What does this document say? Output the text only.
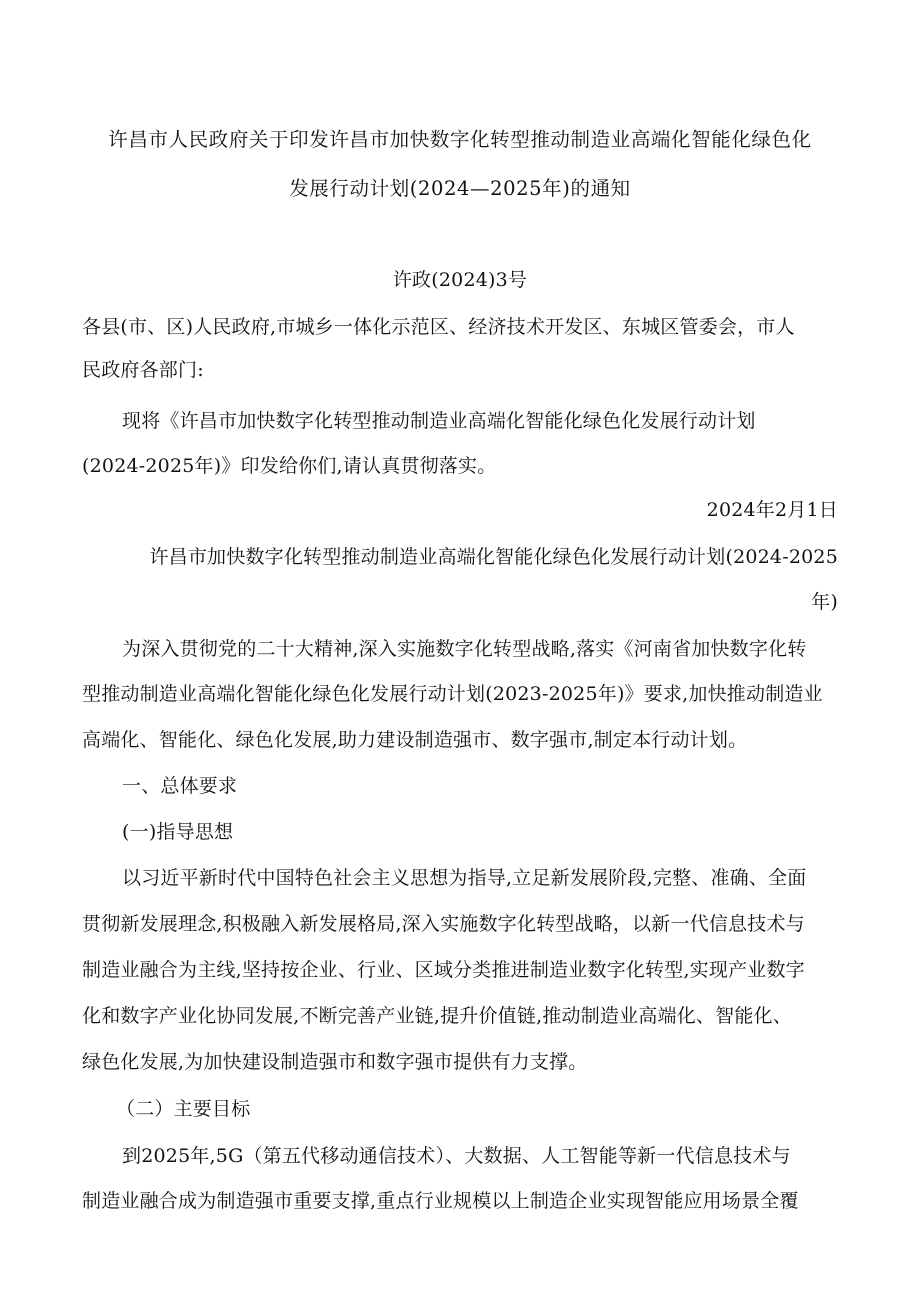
许昌市人民政府关于印发许昌市加快数字化转型推动制造业高端化智能化绿色化
发展行动计划(2024—2025年)的通知
许政(2024)3号
各县(市、区)人民政府,市城乡一体化示范区、经济技术开发区、东城区管委会，市人
民政府各部门:
现将《许昌市加快数字化转型推动制造业高端化智能化绿色化发展行动计划
(2024-2025年)》印发给你们,请认真贯彻落实。
2024年2月1日
许昌市加快数字化转型推动制造业高端化智能化绿色化发展行动计划(2024-2025
年)
为深入贯彻党的二十大精神,深入实施数字化转型战略,落实《河南省加快数字化转
型推动制造业高端化智能化绿色化发展行动计划(2023-2025年)》要求,加快推动制造业
高端化、智能化、绿色化发展,助力建设制造强市、数字强市,制定本行动计划。
一、总体要求
(一)指导思想
以习近平新时代中国特色社会主义思想为指导,立足新发展阶段,完整、准确、全面
贯彻新发展理念,积极融入新发展格局,深入实施数字化转型战略，以新一代信息技术与
制造业融合为主线,坚持按企业、行业、区域分类推进制造业数字化转型,实现产业数字
化和数字产业化协同发展,不断完善产业链,提升价值链,推动制造业高端化、智能化、
绿色化发展,为加快建设制造强市和数字强市提供有力支撑。
（二）主要目标
到2025年,5G（第五代移动通信技术）、大数据、人工智能等新一代信息技术与
制造业融合成为制造强市重要支撑,重点行业规模以上制造企业实现智能应用场景全覆
